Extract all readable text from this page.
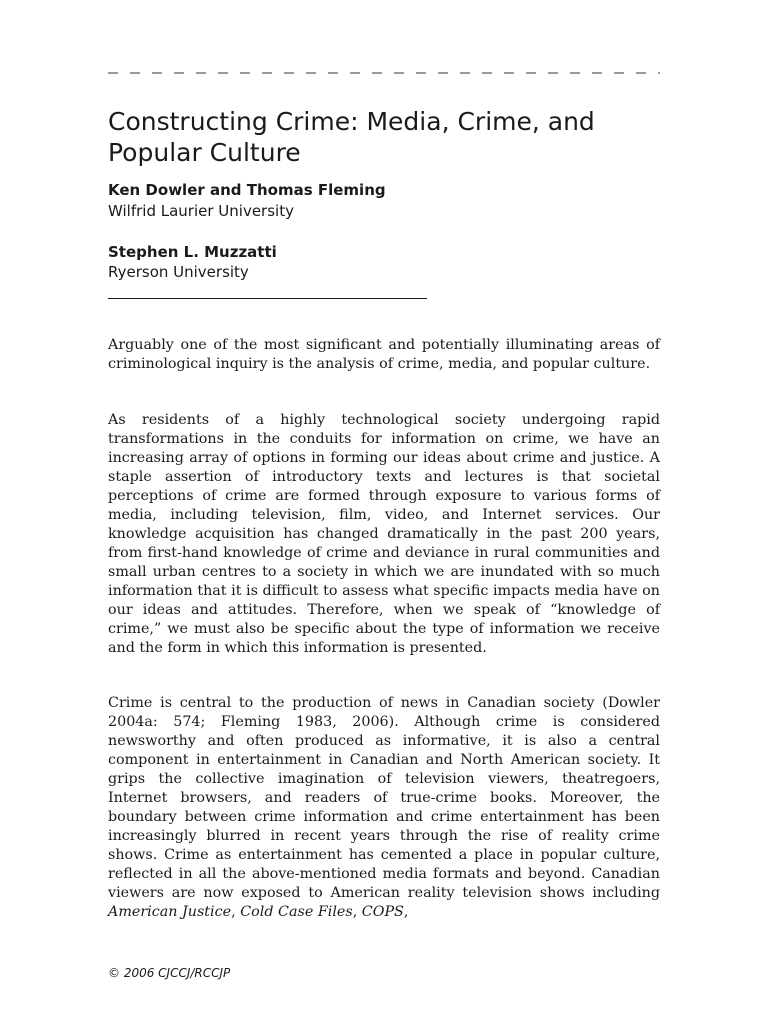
Constructing Crime: Media, Crime, and Popular Culture

Ken Dowler and Thomas Fleming

Wilfrid Laurier University

Stephen L. Muzzatti

Ryerson University

Arguably one of the most significant and potentially illuminating areas of criminological inquiry is the analysis of crime, media, and popular culture.

As residents of a highly technological society undergoing rapid transformations in the conduits for information on crime, we have an increasing array of options in forming our ideas about crime and justice. A staple assertion of introductory texts and lectures is that societal perceptions of crime are formed through exposure to various forms of media, including television, film, video, and Internet services. Our knowledge acquisition has changed dramatically in the past 200 years, from first-hand knowledge of crime and deviance in rural communities and small urban centres to a society in which we are inundated with so much information that it is difficult to assess what specific impacts media have on our ideas and attitudes. Therefore, when we speak of “knowledge of crime,” we must also be specific about the type of information we receive and the form in which this information is presented.

Crime is central to the production of news in Canadian society (Dowler 2004a: 574; Fleming 1983, 2006). Although crime is considered newsworthy and often produced as informative, it is also a central component in entertainment in Canadian and North American society. It grips the collective imagination of television viewers, theatregoers, Internet browsers, and readers of true-crime books. Moreover, the boundary between crime information and crime entertainment has been increasingly blurred in recent years through the rise of reality crime shows. Crime as entertainment has cemented a place in popular culture, reflected in all the above-mentioned media formats and beyond. Canadian viewers are now exposed to American reality television shows including American Justice, Cold Case Files, COPS,

© 2006 CJCCJ/RCCJP
